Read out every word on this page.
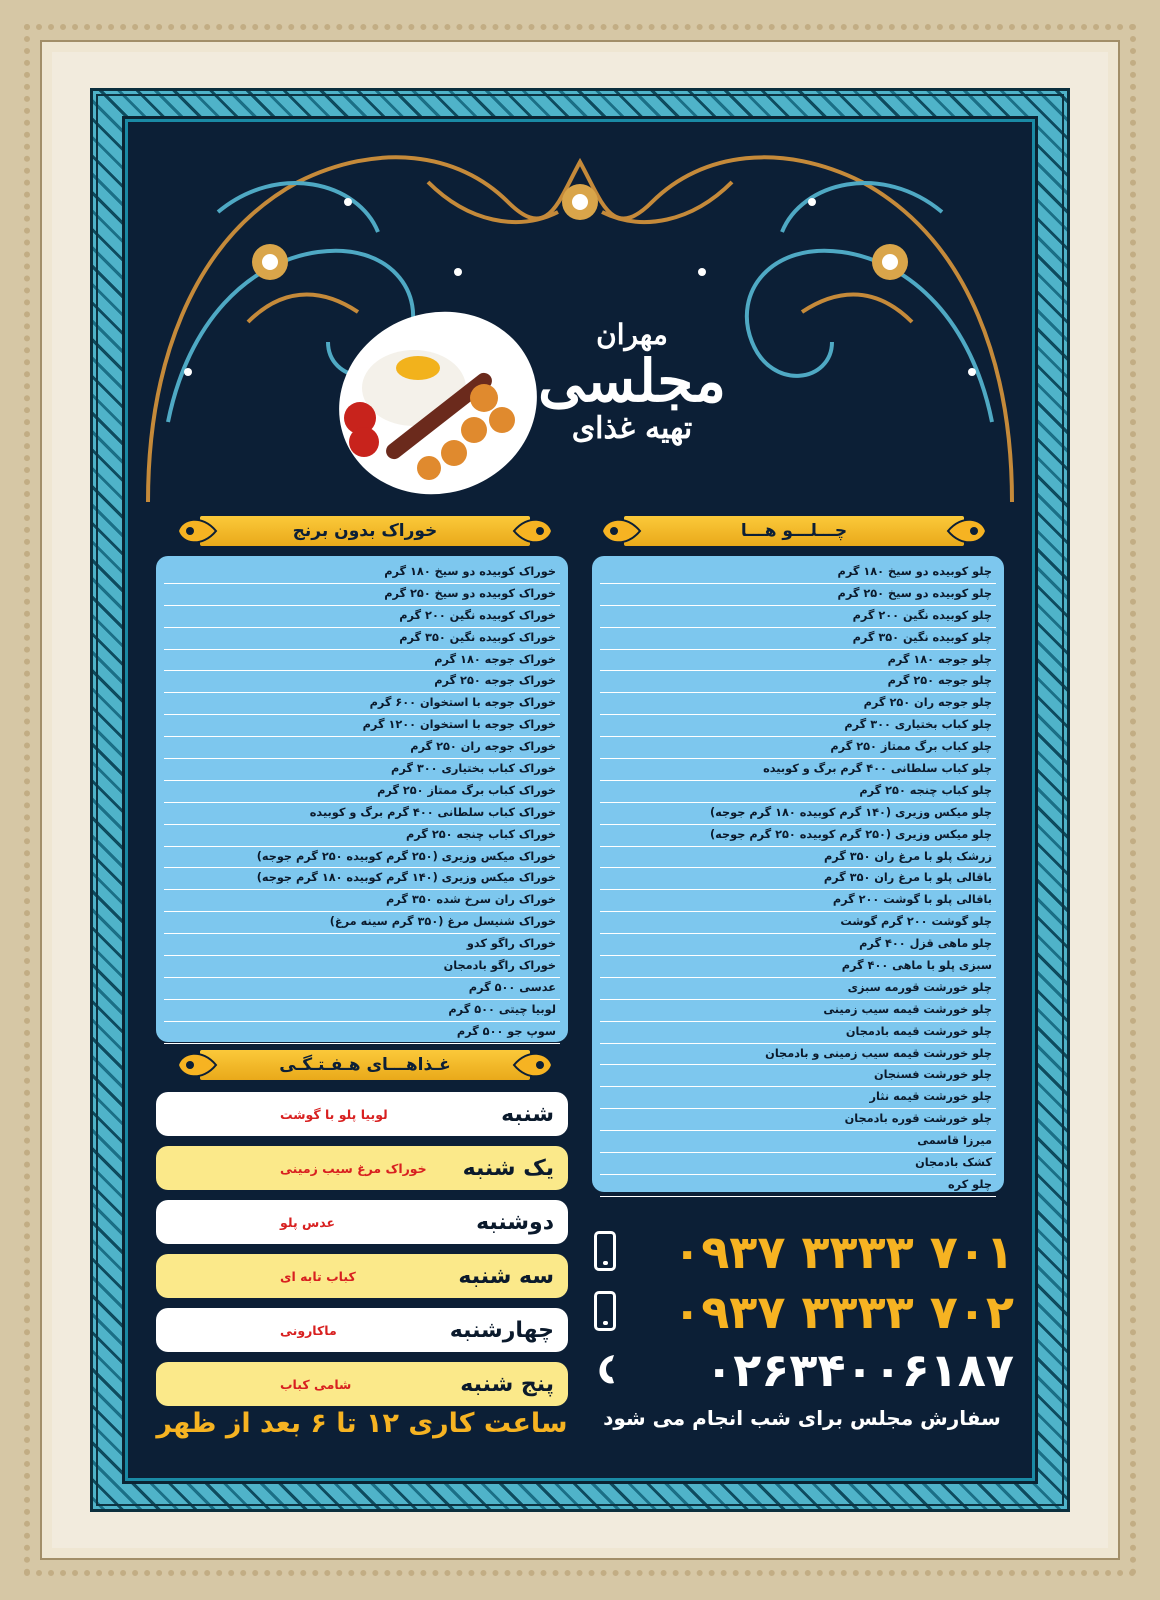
مهران
مجلسی
تهیه
غذای
چـــلـــو هـــا
خوراک بدون برنج
چلو کوبیده دو سیخ ۱۸۰ گرم
چلو کوبیده دو سیخ ۲۵۰ گرم
چلو کوبیده نگین ۲۰۰ گرم
چلو کوبیده نگین ۳۵۰ گرم
چلو جوجه ۱۸۰ گرم
چلو جوجه ۲۵۰ گرم
چلو جوجه ران ۲۵۰ گرم
چلو کباب بختیاری ۳۰۰ گرم
چلو کباب برگ ممتاز ۲۵۰ گرم
چلو کباب سلطانی ۴۰۰ گرم برگ و کوبیده
چلو کباب چنجه ۲۵۰ گرم
چلو میکس وزیری (۱۴۰ گرم کوبیده ۱۸۰ گرم جوجه)
چلو میکس وزیری (۲۵۰ گرم کوبیده ۲۵۰ گرم جوجه)
زرشک پلو با مرغ ران ۳۵۰ گرم
باقالی پلو با مرغ ران ۳۵۰ گرم
باقالی پلو با گوشت ۲۰۰ گرم
چلو گوشت ۲۰۰ گرم گوشت
چلو ماهی قزل ۴۰۰ گرم
سبزی پلو با ماهی ۴۰۰ گرم
چلو خورشت قورمه سبزی
چلو خورشت قیمه سیب زمینی
چلو خورشت قیمه بادمجان
چلو خورشت قیمه سیب زمینی و بادمجان
چلو خورشت فسنجان
چلو خورشت قیمه نثار
چلو خورشت قوره بادمجان
میرزا قاسمی
کشک بادمجان
چلو کره
خوراک کوبیده دو سیخ ۱۸۰ گرم
خوراک کوبیده دو سیخ ۲۵۰ گرم
خوراک کوبیده نگین ۲۰۰ گرم
خوراک کوبیده نگین ۳۵۰ گرم
خوراک جوجه ۱۸۰ گرم
خوراک جوجه ۲۵۰ گرم
خوراک جوجه با استخوان ۶۰۰ گرم
خوراک جوجه با استخوان ۱۲۰۰ گرم
خوراک جوجه ران ۲۵۰ گرم
خوراک کباب بختیاری ۳۰۰ گرم
خوراک کباب برگ ممتاز ۲۵۰ گرم
خوراک کباب سلطانی ۴۰۰ گرم برگ و کوبیده
خوراک کباب چنجه ۲۵۰ گرم
خوراک میکس وزیری (۲۵۰ گرم کوبیده ۲۵۰ گرم جوجه)
خوراک میکس وزیری (۱۴۰ گرم کوبیده ۱۸۰ گرم جوجه)
خوراک ران سرخ شده ۳۵۰ گرم
خوراک شنیسل مرغ (۳۵۰ گرم سینه مرغ)
خوراک راگو کدو
خوراک راگو بادمجان
عدسی ۵۰۰ گرم
لوبیا چیتی ۵۰۰ گرم
سوپ جو ۵۰۰ گرم
غـذاهـــای هـفـتـگـی
شنبه
لوبیا پلو با گوشت
یک شنبه
خوراک مرغ سیب زمینی
دوشنبه
عدس پلو
سه شنبه
کباب تابه ای
چهارشنبه
ماکارونی
پنج شنبه
شامی کباب
ساعت کاری ۱۲ تا ۶ بعد از ظهر
۰۹۳۷ ۳۳۳۳ ۷۰۱
۰۹۳۷ ۳۳۳۳ ۷۰۲
۰۲۶۳۴۰۰۶۱۸۷
سفارش مجلس برای شب انجام می شود
